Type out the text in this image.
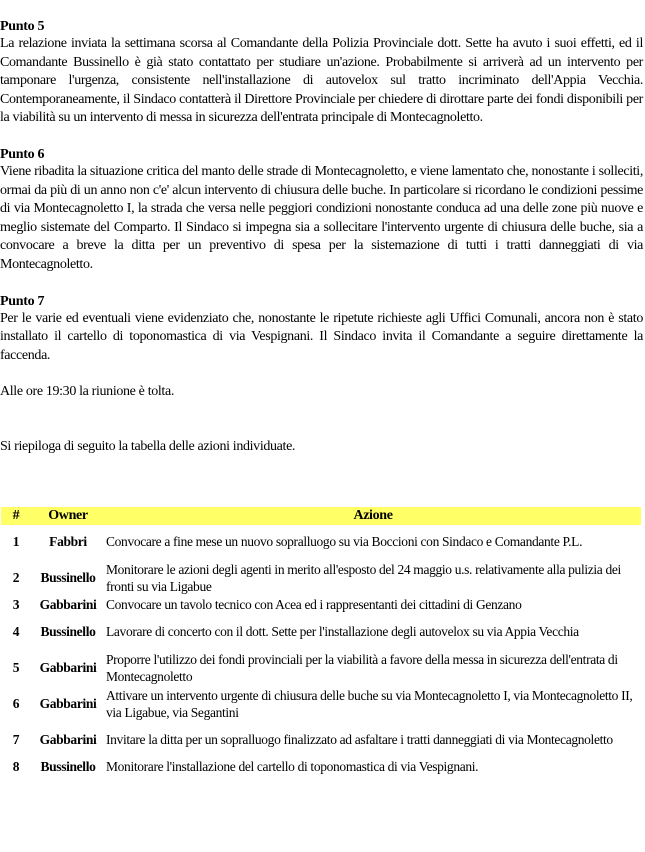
Punto 5

La relazione inviata la settimana scorsa al Comandante della Polizia Provinciale dott. Sette ha avuto i suoi effetti, ed il Comandante Bussinello è già stato contattato per studiare un'azione. Probabilmente si arriverà ad un intervento per tamponare l'urgenza, consistente nell'installazione di autovelox sul tratto incriminato dell'Appia Vecchia. Contemporaneamente, il Sindaco contatterà il Direttore Provinciale per chiedere di dirottare parte dei fondi disponibili per la viabilità su un intervento di messa in sicurezza dell'entrata principale di Montecagnoletto.

Punto 6

Viene ribadita la situazione critica del manto delle strade di Montecagnoletto, e viene lamentato che, nonostante i solleciti, ormai da più di un anno non c'e' alcun intervento di chiusura delle buche. In particolare si ricordano le condizioni pessime di via Montecagnoletto I, la strada che versa nelle peggiori condizioni nonostante conduca ad una delle zone più nuove e meglio sistemate del Comparto. Il Sindaco si impegna sia a sollecitare l'intervento urgente di chiusura delle buche, sia a convocare a breve la ditta per un preventivo di spesa per la sistemazione di tutti i tratti danneggiati di via Montecagnoletto.

Punto 7

Per le varie ed eventuali viene evidenziato che, nonostante le ripetute richieste agli Uffici Comunali, ancora non è stato installato il cartello di toponomastica di via Vespignani. Il Sindaco invita il Comandante a seguire direttamente la faccenda.

Alle ore 19:30 la riunione è tolta.

Si riepiloga di seguito la tabella delle azioni individuate.

#	Owner	Azione
1	Fabbri	Convocare a fine mese un nuovo sopralluogo su via Boccioni con Sindaco e Comandante P.L.
2	Bussinello	Monitorare le azioni degli agenti in merito all'esposto del 24 maggio u.s. relativamente alla pulizia dei fronti su via Ligabue
3	Gabbarini	Convocare un tavolo tecnico con Acea ed i rappresentanti dei cittadini di Genzano
4	Bussinello	Lavorare di concerto con il dott. Sette per l'installazione degli autovelox su via Appia Vecchia
5	Gabbarini	Proporre l'utilizzo dei fondi provinciali per la viabilità a favore della messa in sicurezza dell'entrata di Montecagnoletto
6	Gabbarini	Attivare un intervento urgente di chiusura delle buche su via Montecagnoletto I, via Montecagnoletto II, via Ligabue, via Segantini
7	Gabbarini	Invitare la ditta per un sopralluogo finalizzato ad asfaltare i tratti danneggiati di via Montecagnoletto
8	Bussinello	Monitorare l'installazione del cartello di toponomastica di via Vespignani.
